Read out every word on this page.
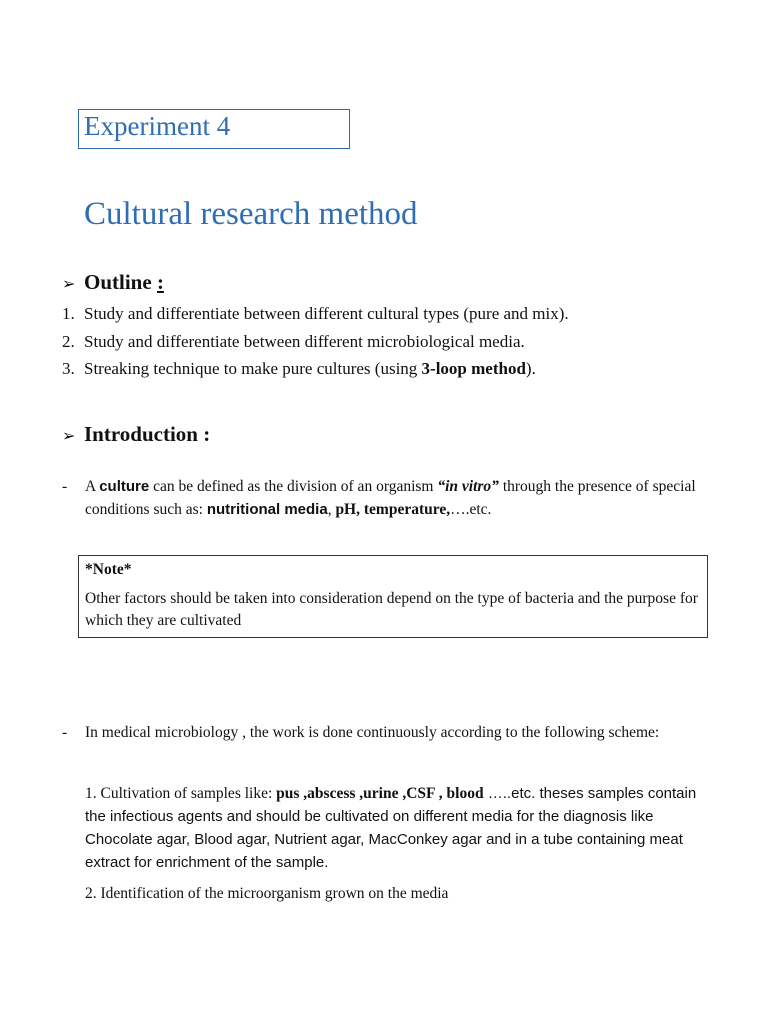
Experiment 4
Cultural research method
➢ Outline :
1. Study and differentiate between different cultural types (pure and mix).
2. Study and differentiate between different microbiological media.
3. Streaking technique to make pure cultures (using 3-loop method).
➢ Introduction :
-	A culture can be defined as the division of an organism “in vitro” through the presence of special conditions such as: nutritional media, pH, temperature,….etc.
*Note*
Other factors should be taken into consideration depend on the type of bacteria and the purpose for which they are cultivated
-	In medical microbiology , the work is done continuously according to the following scheme:
1. Cultivation of samples like: pus ,abscess ,urine ,CSF , blood …..etc. theses samples contain the infectious agents and should be cultivated on different media for the diagnosis like Chocolate agar, Blood agar, Nutrient agar, MacConkey agar and in a tube containing meat extract for enrichment of the sample.
2. Identification of the microorganism grown on the media
